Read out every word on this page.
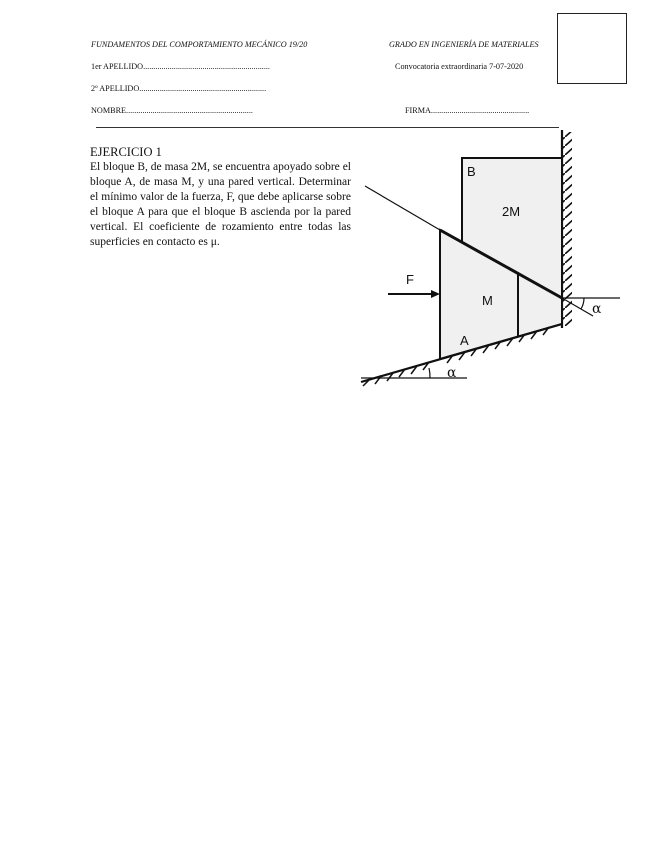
FUNDAMENTOS DEL COMPORTAMIENTO MECÁNICO 19/20	GRADO EN INGENIERÍA DE MATERIALES
1er APELLIDO..............................................................	Convocatoria extraordinaria 7-07-2020
2º APELLIDO..............................................................
NOMBRE..............................................................	FIRMA................................................
EJERCICIO 1

El bloque B, de masa 2M, se encuentra apoyado sobre el bloque A, de masa M, y una pared vertical. Determinar el mínimo valor de la fuerza, F, que debe aplicarse sobre el bloque A para que el bloque B ascienda por la pared vertical. El coeficiente de rozamiento entre todas las superficies en contacto es μ.

B
2M
F
M
A
α
α
